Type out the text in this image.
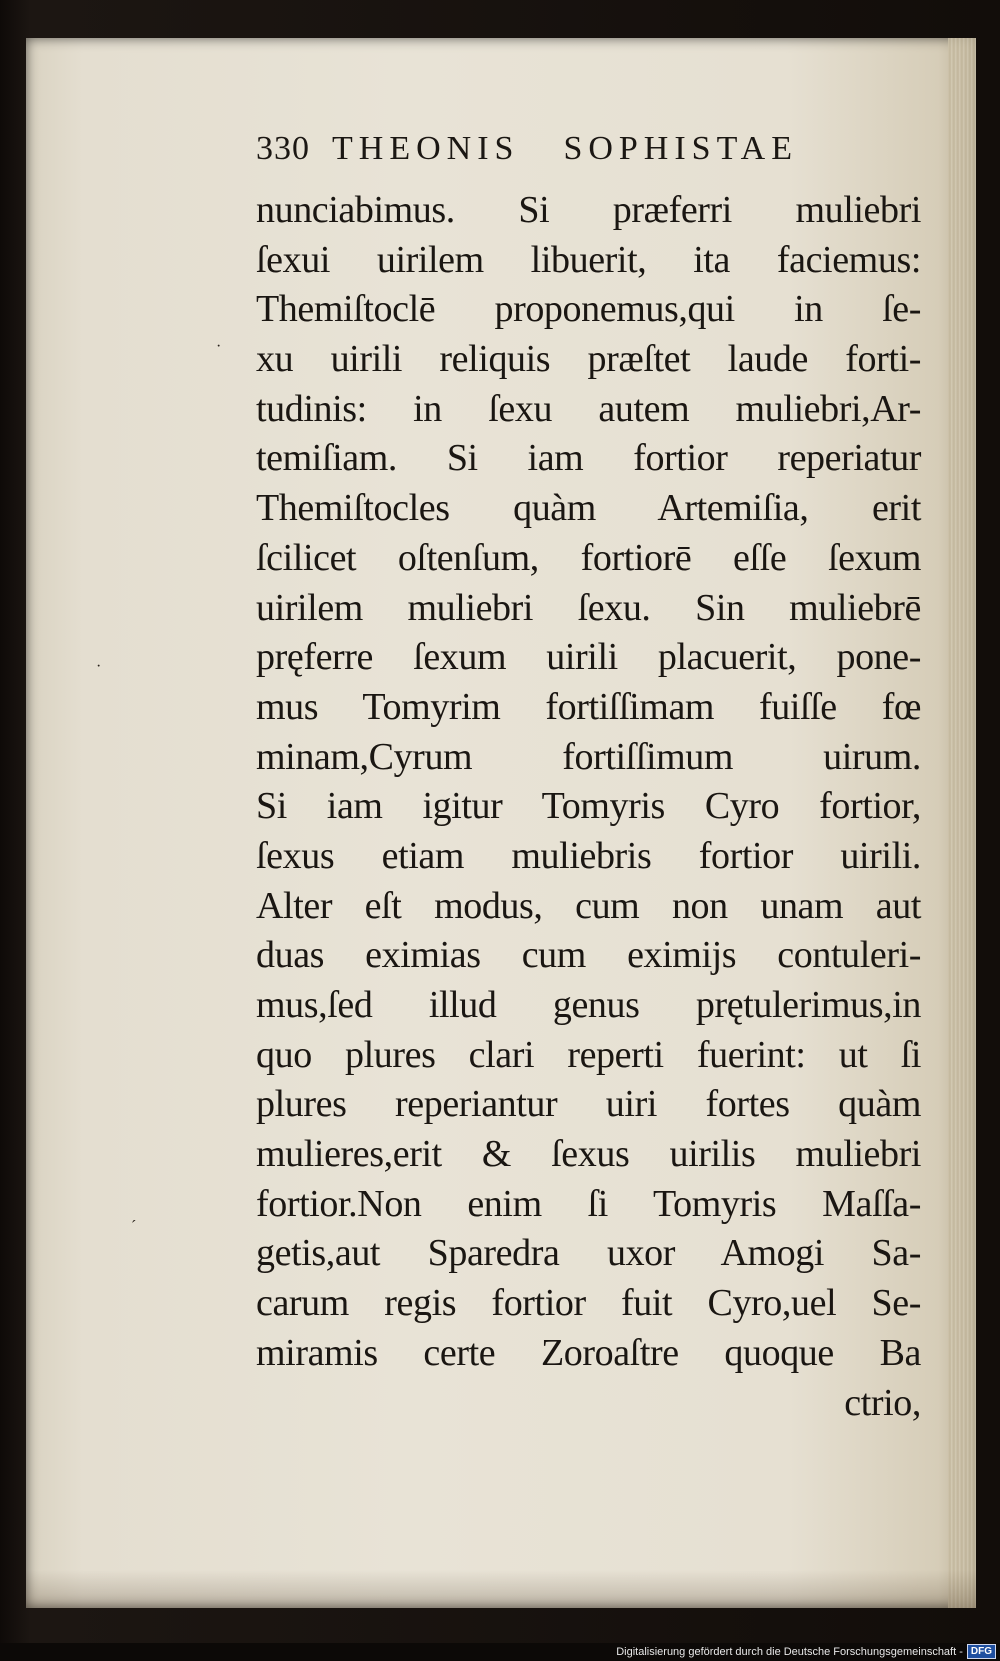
330 THEONIS SOPHISTAE
nunciabimus. Si præferri muliebri
ſexui uirilem libuerit, ita faciemus:
Themiſtoclē proponemus,qui in ſe-
xu uirili reliquis præſtet laude forti-
tudinis: in ſexu autem muliebri,Ar-
temiſiam. Si iam fortior reperiatur
Themiſtocles quàm Artemiſia, erit
ſcilicet oſtenſum, fortiorē eſſe ſexum
uirilem muliebri ſexu. Sin muliebrē
pręferre ſexum uirili placuerit, pone-
mus Tomyrim fortiſſimam fuiſſe fœ
minam,Cyrum fortiſſimum uirum.
Si iam igitur Tomyris Cyro fortior,
ſexus etiam muliebris fortior uirili.
Alter eſt modus, cum non unam aut
duas eximias cum eximijs contuleri-
mus,ſed illud genus prętulerimus,in
quo plures clari reperti fuerint: ut ſi
plures reperiantur uiri fortes quàm
mulieres,erit & ſexus uirilis muliebri
fortior.Non enim ſi Tomyris Maſſa-
getis,aut Sparedra uxor Amogi Sa-
carum regis fortior fuit Cyro,uel Se-
miramis certe Zoroaſtre quoque Ba
ctrio,
·
·
´
Digitalisierung gefördert durch die Deutsche Forschungsgemeinschaft - DFG
